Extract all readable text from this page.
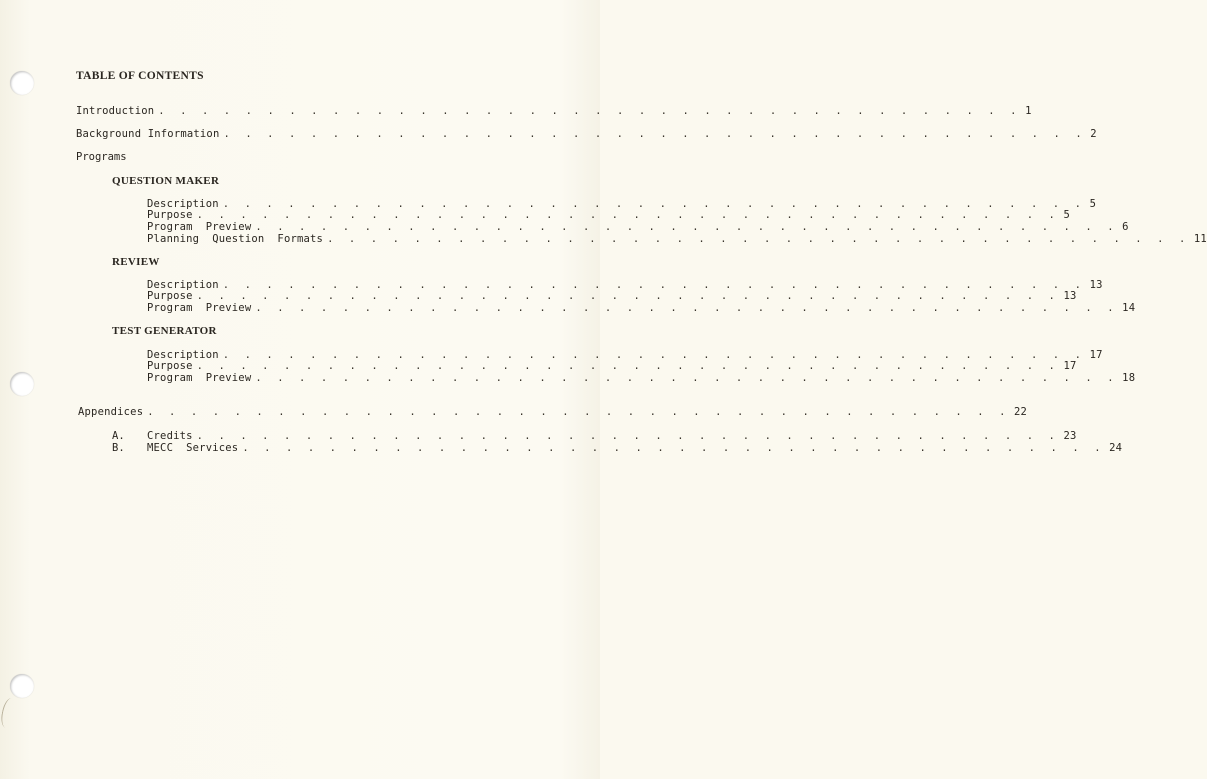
TABLE OF CONTENTS
Introduction . . . . . . . . . . . . . . . . . . . . . . . . . . . . . . . . . . . . . . . . 1
Background Information . . . . . . . . . . . . . . . . . . . . . . . . . . . . . . . . . . . . . . . . 2
Programs
QUESTION MAKER
Description . . . . . . . . . . . . . . . . . . . . . . . . . . . . . . . . . . . . . . . . 5
Purpose . . . . . . . . . . . . . . . . . . . . . . . . . . . . . . . . . . . . . . . . 5
Program  Preview . . . . . . . . . . . . . . . . . . . . . . . . . . . . . . . . . . . . . . . . 6
Planning  Question  Formats . . . . . . . . . . . . . . . . . . . . . . . . . . . . . . . . . . . . . . . . 11
REVIEW
Description . . . . . . . . . . . . . . . . . . . . . . . . . . . . . . . . . . . . . . . . 13
Purpose . . . . . . . . . . . . . . . . . . . . . . . . . . . . . . . . . . . . . . . . 13
Program  Preview . . . . . . . . . . . . . . . . . . . . . . . . . . . . . . . . . . . . . . . . 14
TEST GENERATOR
Description . . . . . . . . . . . . . . . . . . . . . . . . . . . . . . . . . . . . . . . . 17
Purpose . . . . . . . . . . . . . . . . . . . . . . . . . . . . . . . . . . . . . . . . 17
Program  Preview . . . . . . . . . . . . . . . . . . . . . . . . . . . . . . . . . . . . . . . . 18
Appendices . . . . . . . . . . . . . . . . . . . . . . . . . . . . . . . . . . . . . . . . 22
A. Credits . . . . . . . . . . . . . . . . . . . . . . . . . . . . . . . . . . . . . . . . 23
B. MECC  Services . . . . . . . . . . . . . . . . . . . . . . . . . . . . . . . . . . . . . . . . 24
